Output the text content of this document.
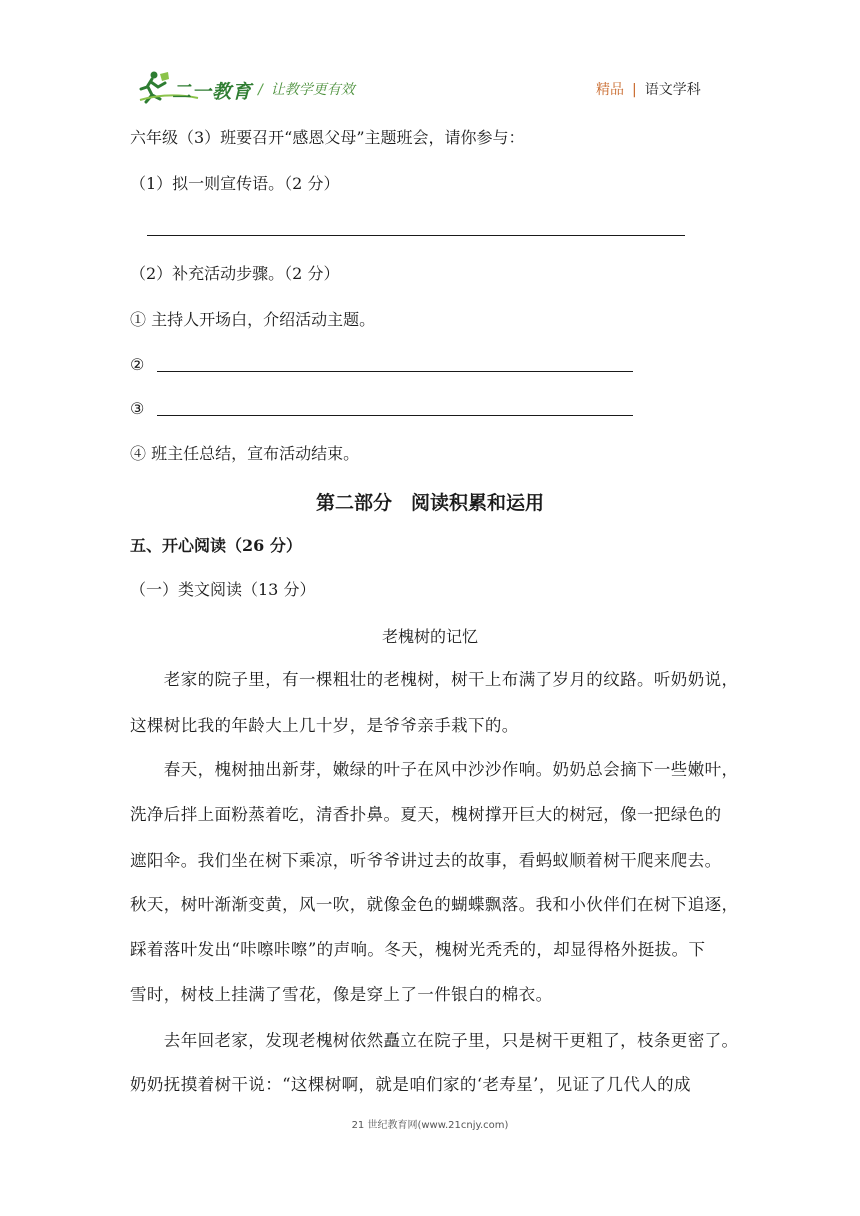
二一教育 / 让教学更有效	精品 | 语文学科
六年级（3）班要召开“感恩父母”主题班会，请你参与：
（1）拟一则宣传语。（2 分）
（2）补充活动步骤。（2 分）
① 主持人开场白，介绍活动主题。
②
③
④ 班主任总结，宣布活动结束。
第二部分　阅读积累和运用
五、开心阅读（26 分）
（一）类文阅读（13 分）
老槐树的记忆
　　老家的院子里，有一棵粗壮的老槐树，树干上布满了岁月的纹路。听奶奶说，
这棵树比我的年龄大上几十岁，是爷爷亲手栽下的。
　　春天，槐树抽出新芽，嫩绿的叶子在风中沙沙作响。奶奶总会摘下一些嫩叶，
洗净后拌上面粉蒸着吃，清香扑鼻。夏天，槐树撑开巨大的树冠，像一把绿色的
遮阳伞。我们坐在树下乘凉，听爷爷讲过去的故事，看蚂蚁顺着树干爬来爬去。
秋天，树叶渐渐变黄，风一吹，就像金色的蝴蝶飘落。我和小伙伴们在树下追逐，
踩着落叶发出“咔嚓咔嚓”的声响。冬天，槐树光秃秃的，却显得格外挺拔。下
雪时，树枝上挂满了雪花，像是穿上了一件银白的棉衣。
　　去年回老家，发现老槐树依然矗立在院子里，只是树干更粗了，枝条更密了。
奶奶抚摸着树干说：“这棵树啊，就是咱们家的‘老寿星’，见证了几代人的成
21 世纪教育网(www.21cnjy.com)
